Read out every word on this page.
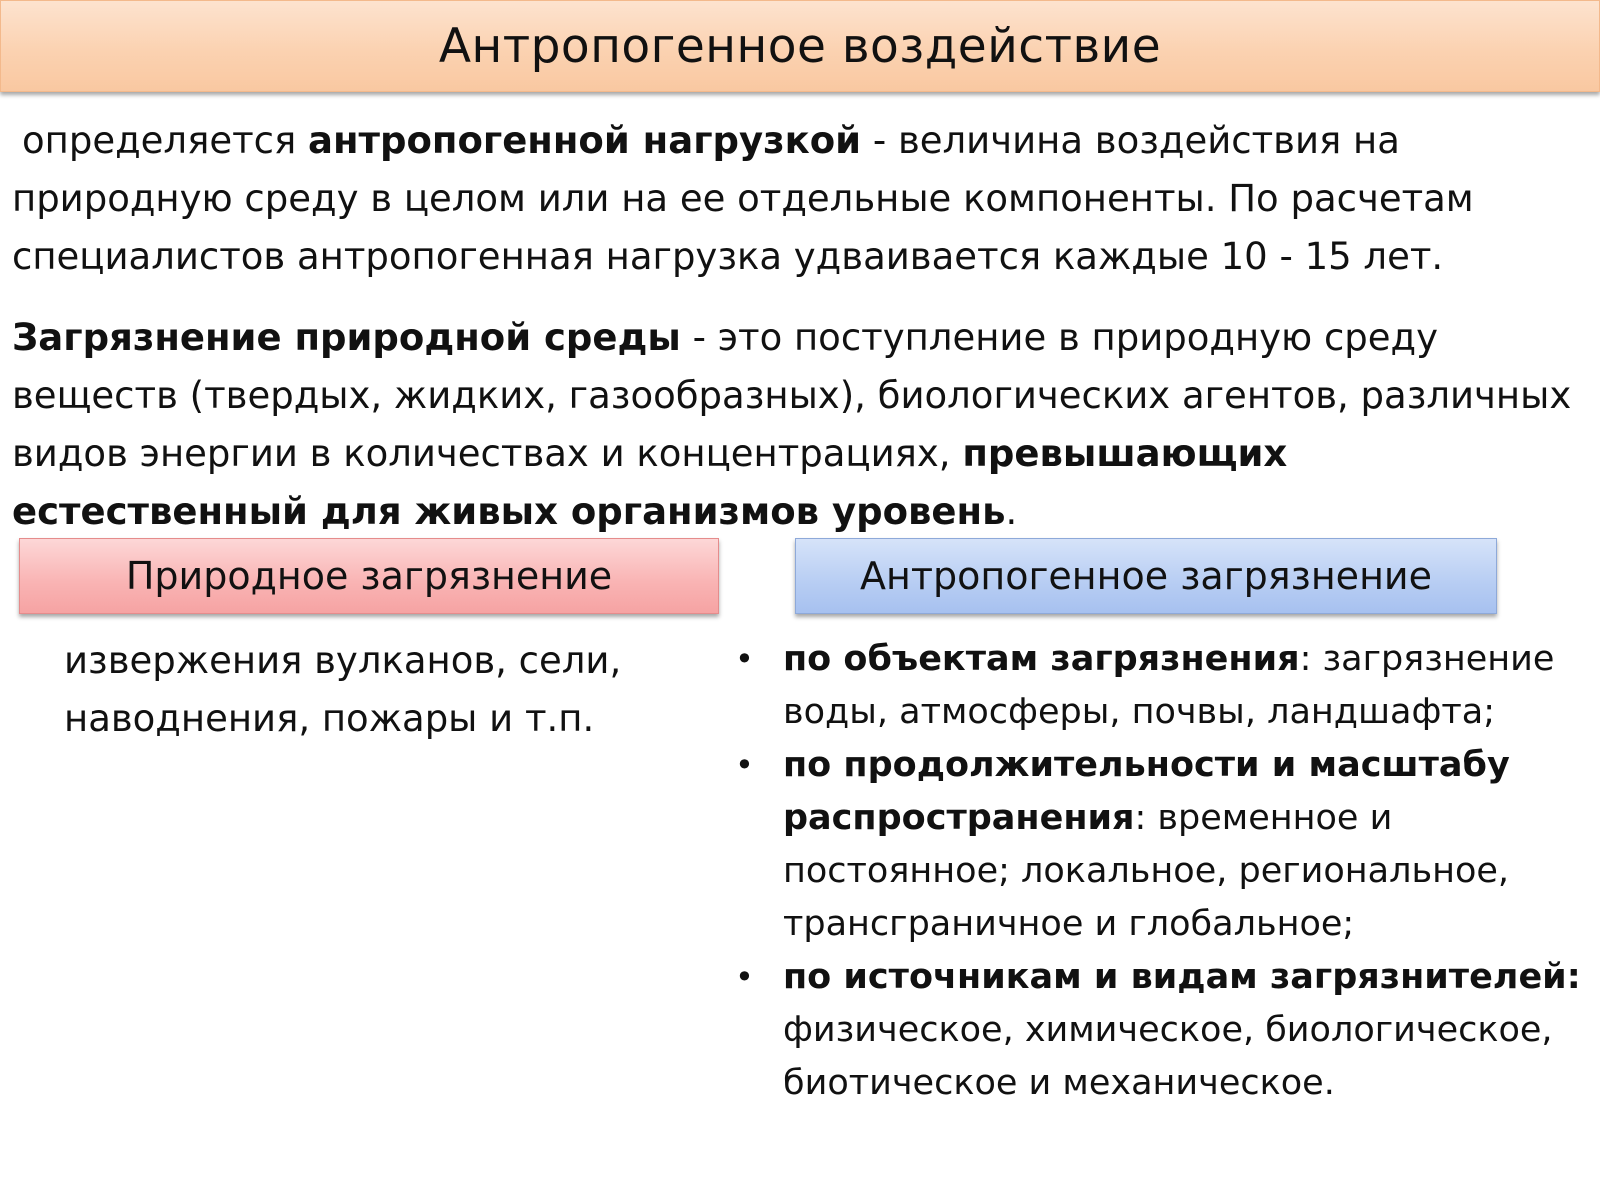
Антропогенное воздействие

определяется антропогенной нагрузкой - величина воздействия на природную среду в целом или на ее отдельные компоненты. По расчетам специалистов антропогенная нагрузка удваивается каждые 10 - 15 лет.

Загрязнение природной среды - это поступление в природную среду веществ (твердых, жидких, газообразных), биологических агентов, различных видов энергии в количествах и концентрациях, превышающих естественный для живых организмов уровень.

Природное загрязнение	Антропогенное загрязнение

извержения вулканов, сели, наводнения, пожары и т.п.

• по объектам загрязнения: загрязнение воды, атмосферы, почвы, ландшафта;
• по продолжительности и масштабу распространения: временное и постоянное; локальное, региональное, трансграничное и глобальное;
• по источникам и видам загрязнителей: физическое, химическое, биологическое, биотическое и механическое.
